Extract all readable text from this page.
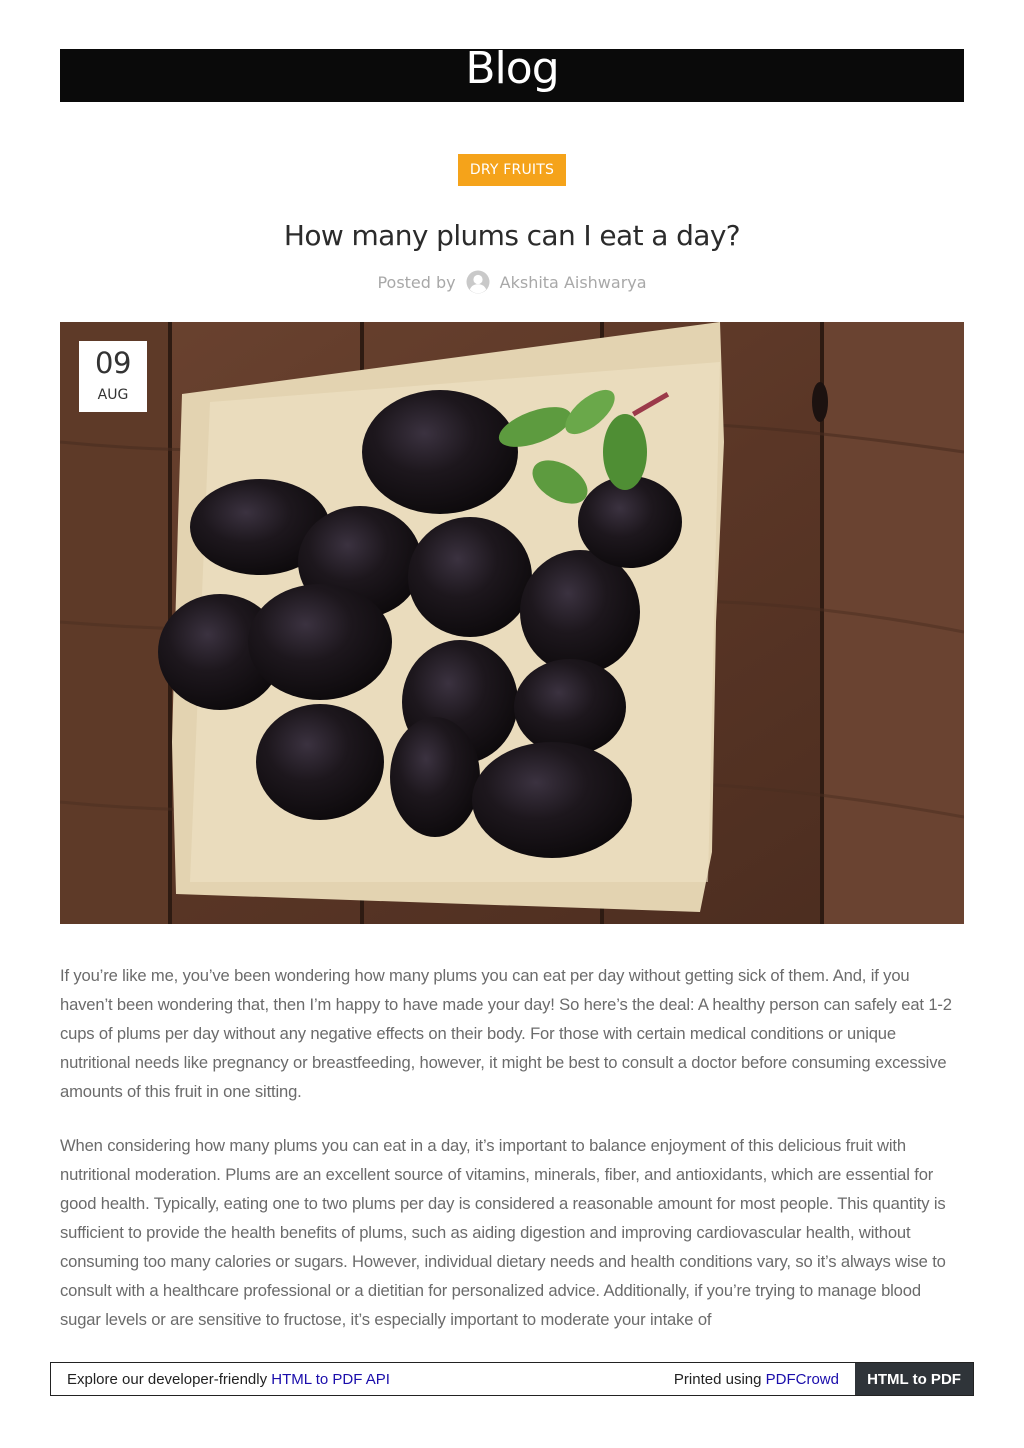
Blog
DRY FRUITS
How many plums can I eat a day?
Posted by	Akshita Aishwarya
09
AUG

If you’re like me, you’ve been wondering how many plums you can eat per day without getting sick of them. And, if you haven’t been wondering that, then I’m happy to have made your day! So here’s the deal: A healthy person can safely eat 1-2 cups of plums per day without any negative effects on their body. For those with certain medical conditions or unique nutritional needs like pregnancy or breastfeeding, however, it might be best to consult a doctor before consuming excessive amounts of this fruit in one sitting.

When considering how many plums you can eat in a day, it’s important to balance enjoyment of this delicious fruit with nutritional moderation. Plums are an excellent source of vitamins, minerals, fiber, and antioxidants, which are essential for good health. Typically, eating one to two plums per day is considered a reasonable amount for most people. This quantity is sufficient to provide the health benefits of plums, such as aiding digestion and improving cardiovascular health, without consuming too many calories or sugars. However, individual dietary needs and health conditions vary, so it’s always wise to consult with a healthcare professional or a dietitian for personalized advice. Additionally, if you’re trying to manage blood sugar levels or are sensitive to fructose, it’s especially important to moderate your intake of

Explore our developer-friendly HTML to PDF API	Printed using PDFCrowd	HTML to PDF
